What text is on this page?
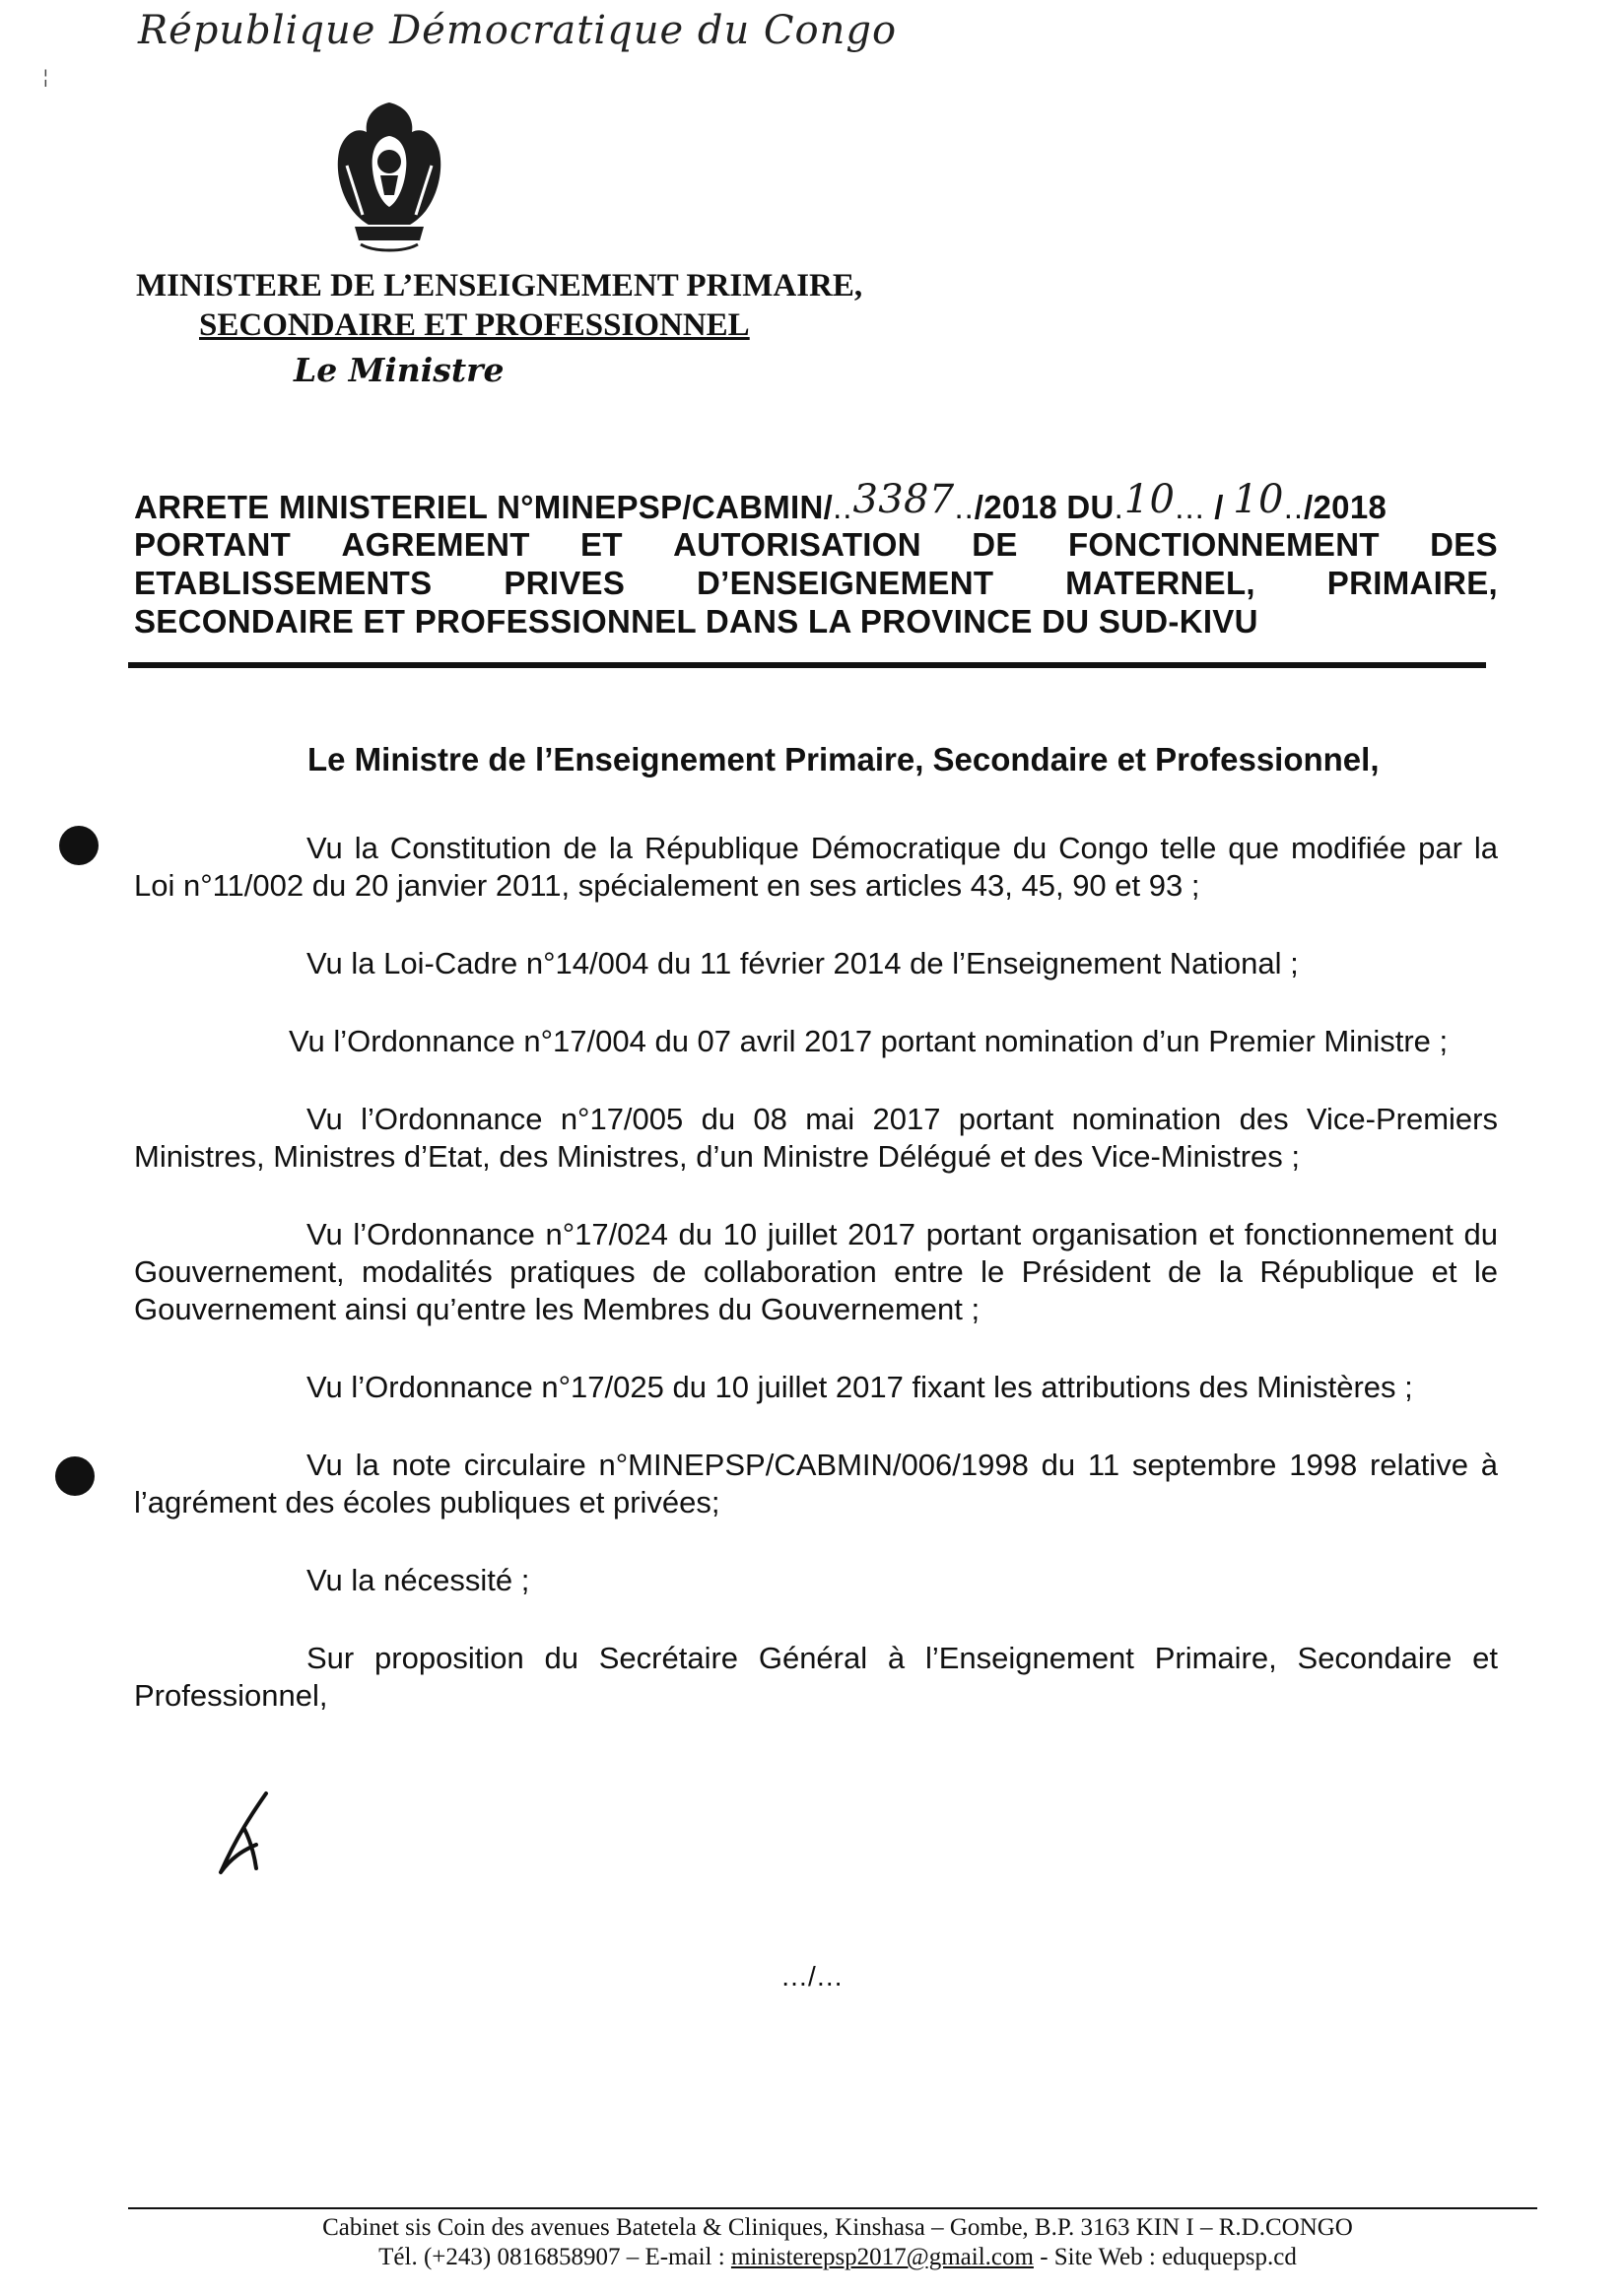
République Démocratique du Congo
¦
MINISTERE DE L’ENSEIGNEMENT PRIMAIRE,
SECONDAIRE ET PROFESSIONNEL
Le Ministre
ARRETE MINISTERIEL N°MINEPSP/CABMIN/..3387../2018 DU.10... / 10../2018
PORTANT AGREMENT ET AUTORISATION DE FONCTIONNEMENT DES
ETABLISSEMENTS PRIVES D’ENSEIGNEMENT MATERNEL, PRIMAIRE,
SECONDAIRE ET PROFESSIONNEL DANS LA PROVINCE DU SUD-KIVU
Le Ministre de l’Enseignement Primaire, Secondaire et Professionnel,

Vu la Constitution de la République Démocratique du Congo telle que modifiée par la Loi n°11/002 du 20 janvier 2011, spécialement en ses articles 43, 45, 90 et 93 ;

Vu la Loi-Cadre n°14/004 du 11 février 2014 de l’Enseignement National ;

Vu l’Ordonnance n°17/004 du 07 avril 2017 portant nomination d’un Premier Ministre ;

Vu l’Ordonnance n°17/005 du 08 mai 2017 portant nomination des Vice-Premiers Ministres, Ministres d’Etat, des Ministres, d’un Ministre Délégué et des Vice-Ministres ;

Vu l’Ordonnance n°17/024 du 10 juillet 2017 portant organisation et fonctionnement du Gouvernement, modalités pratiques de collaboration entre le Président de la République et le Gouvernement ainsi qu’entre les Membres du Gouvernement ;

Vu l’Ordonnance n°17/025 du 10 juillet 2017 fixant les attributions des Ministères ;

Vu la note circulaire n°MINEPSP/CABMIN/006/1998 du 11 septembre 1998 relative à l’agrément des écoles publiques et privées;

Vu la nécessité ;

Sur proposition du Secrétaire Général à l’Enseignement Primaire, Secondaire et Professionnel,

…/…
Cabinet sis Coin des avenues Batetela & Cliniques, Kinshasa – Gombe, B.P. 3163 KIN I – R.D.CONGO
Tél. (+243) 0816858907 – E-mail : ministerepsp2017@gmail.com - Site Web : eduquepsp.cd
